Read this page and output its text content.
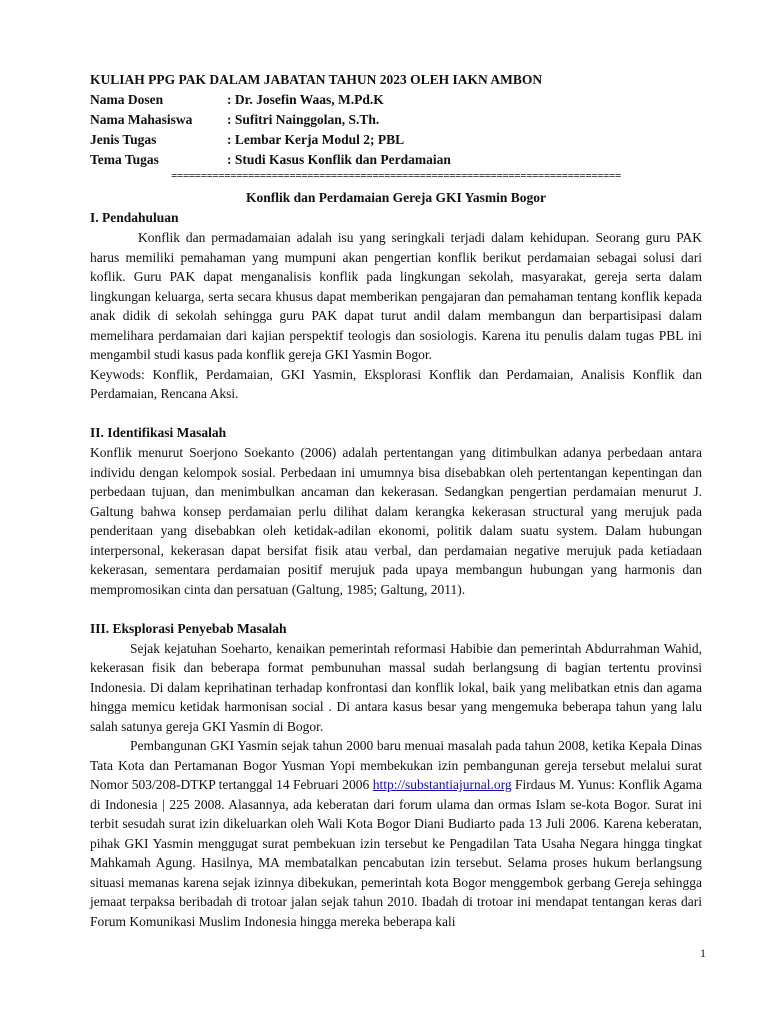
KULIAH PPG PAK DALAM JABATAN TAHUN 2023 OLEH IAKN AMBON
Nama Dosen	: Dr. Josefin Waas, M.Pd.K
Nama Mahasiswa	: Sufitri Nainggolan, S.Th.
Jenis Tugas	: Lembar Kerja Modul 2; PBL
Tema Tugas	: Studi Kasus Konflik dan Perdamaian
============================================================================
Konflik dan Perdamaian Gereja GKI Yasmin Bogor
I. Pendahuluan
Konflik dan permadamaian adalah isu yang seringkali terjadi dalam kehidupan. Seorang guru PAK harus memiliki pemahaman yang mumpuni akan pengertian konflik berikut perdamaian sebagai solusi dari koflik. Guru PAK dapat menganalisis konflik pada lingkungan sekolah, masyarakat, gereja serta dalam lingkungan keluarga, serta secara khusus dapat memberikan pengajaran dan pemahaman tentang konflik kepada anak didik di sekolah sehingga guru PAK dapat turut andil dalam membangun dan berpartisipasi dalam memelihara perdamaian dari kajian perspektif teologis dan sosiologis. Karena itu penulis dalam tugas PBL ini mengambil studi kasus pada konflik gereja GKI Yasmin Bogor.
Keywods: Konflik, Perdamaian, GKI Yasmin, Eksplorasi Konflik dan Perdamaian, Analisis Konflik dan Perdamaian, Rencana Aksi.
II. Identifikasi Masalah
Konflik menurut Soerjono Soekanto (2006) adalah pertentangan yang ditimbulkan adanya perbedaan antara individu dengan kelompok sosial. Perbedaan ini umumnya bisa disebabkan oleh pertentangan kepentingan dan perbedaan tujuan, dan menimbulkan ancaman dan kekerasan. Sedangkan pengertian perdamaian menurut J. Galtung bahwa konsep perdamaian perlu dilihat dalam kerangka kekerasan structural yang merujuk pada penderitaan yang disebabkan oleh ketidak-adilan ekonomi, politik dalam suatu system. Dalam hubungan interpersonal, kekerasan dapat bersifat fisik atau verbal, dan perdamaian negative merujuk pada ketiadaan kekerasan, sementara perdamaian positif merujuk pada upaya membangun hubungan yang harmonis dan mempromosikan cinta dan persatuan (Galtung, 1985; Galtung, 2011).
III. Eksplorasi Penyebab Masalah
Sejak kejatuhan Soeharto, kenaikan pemerintah reformasi Habibie dan pemerintah Abdurrahman Wahid, kekerasan fisik dan beberapa format pembunuhan massal sudah berlangsung di bagian tertentu provinsi Indonesia. Di dalam keprihatinan terhadap konfrontasi dan konflik lokal, baik yang melibatkan etnis dan agama hingga memicu ketidak harmonisan social . Di antara kasus besar yang mengemuka beberapa tahun yang lalu salah satunya gereja GKI Yasmin di Bogor.
Pembangunan GKI Yasmin sejak tahun 2000 baru menuai masalah pada tahun 2008, ketika Kepala Dinas Tata Kota dan Pertamanan Bogor Yusman Yopi membekukan izin pembangunan gereja tersebut melalui surat Nomor 503/208-DTKP tertanggal 14 Februari 2006 http://substantiajurnal.org Firdaus M. Yunus: Konflik Agama di Indonesia | 225 2008. Alasannya, ada keberatan dari forum ulama dan ormas Islam se-kota Bogor. Surat ini terbit sesudah surat izin dikeluarkan oleh Wali Kota Bogor Diani Budiarto pada 13 Juli 2006. Karena keberatan, pihak GKI Yasmin menggugat surat pembekuan izin tersebut ke Pengadilan Tata Usaha Negara hingga tingkat Mahkamah Agung. Hasilnya, MA membatalkan pencabutan izin tersebut. Selama proses hukum berlangsung situasi memanas karena sejak izinnya dibekukan, pemerintah kota Bogor menggembok gerbang Gereja sehingga jemaat terpaksa beribadah di trotoar jalan sejak tahun 2010. Ibadah di trotoar ini mendapat tentangan keras dari Forum Komunikasi Muslim Indonesia hingga mereka beberapa kali
1
